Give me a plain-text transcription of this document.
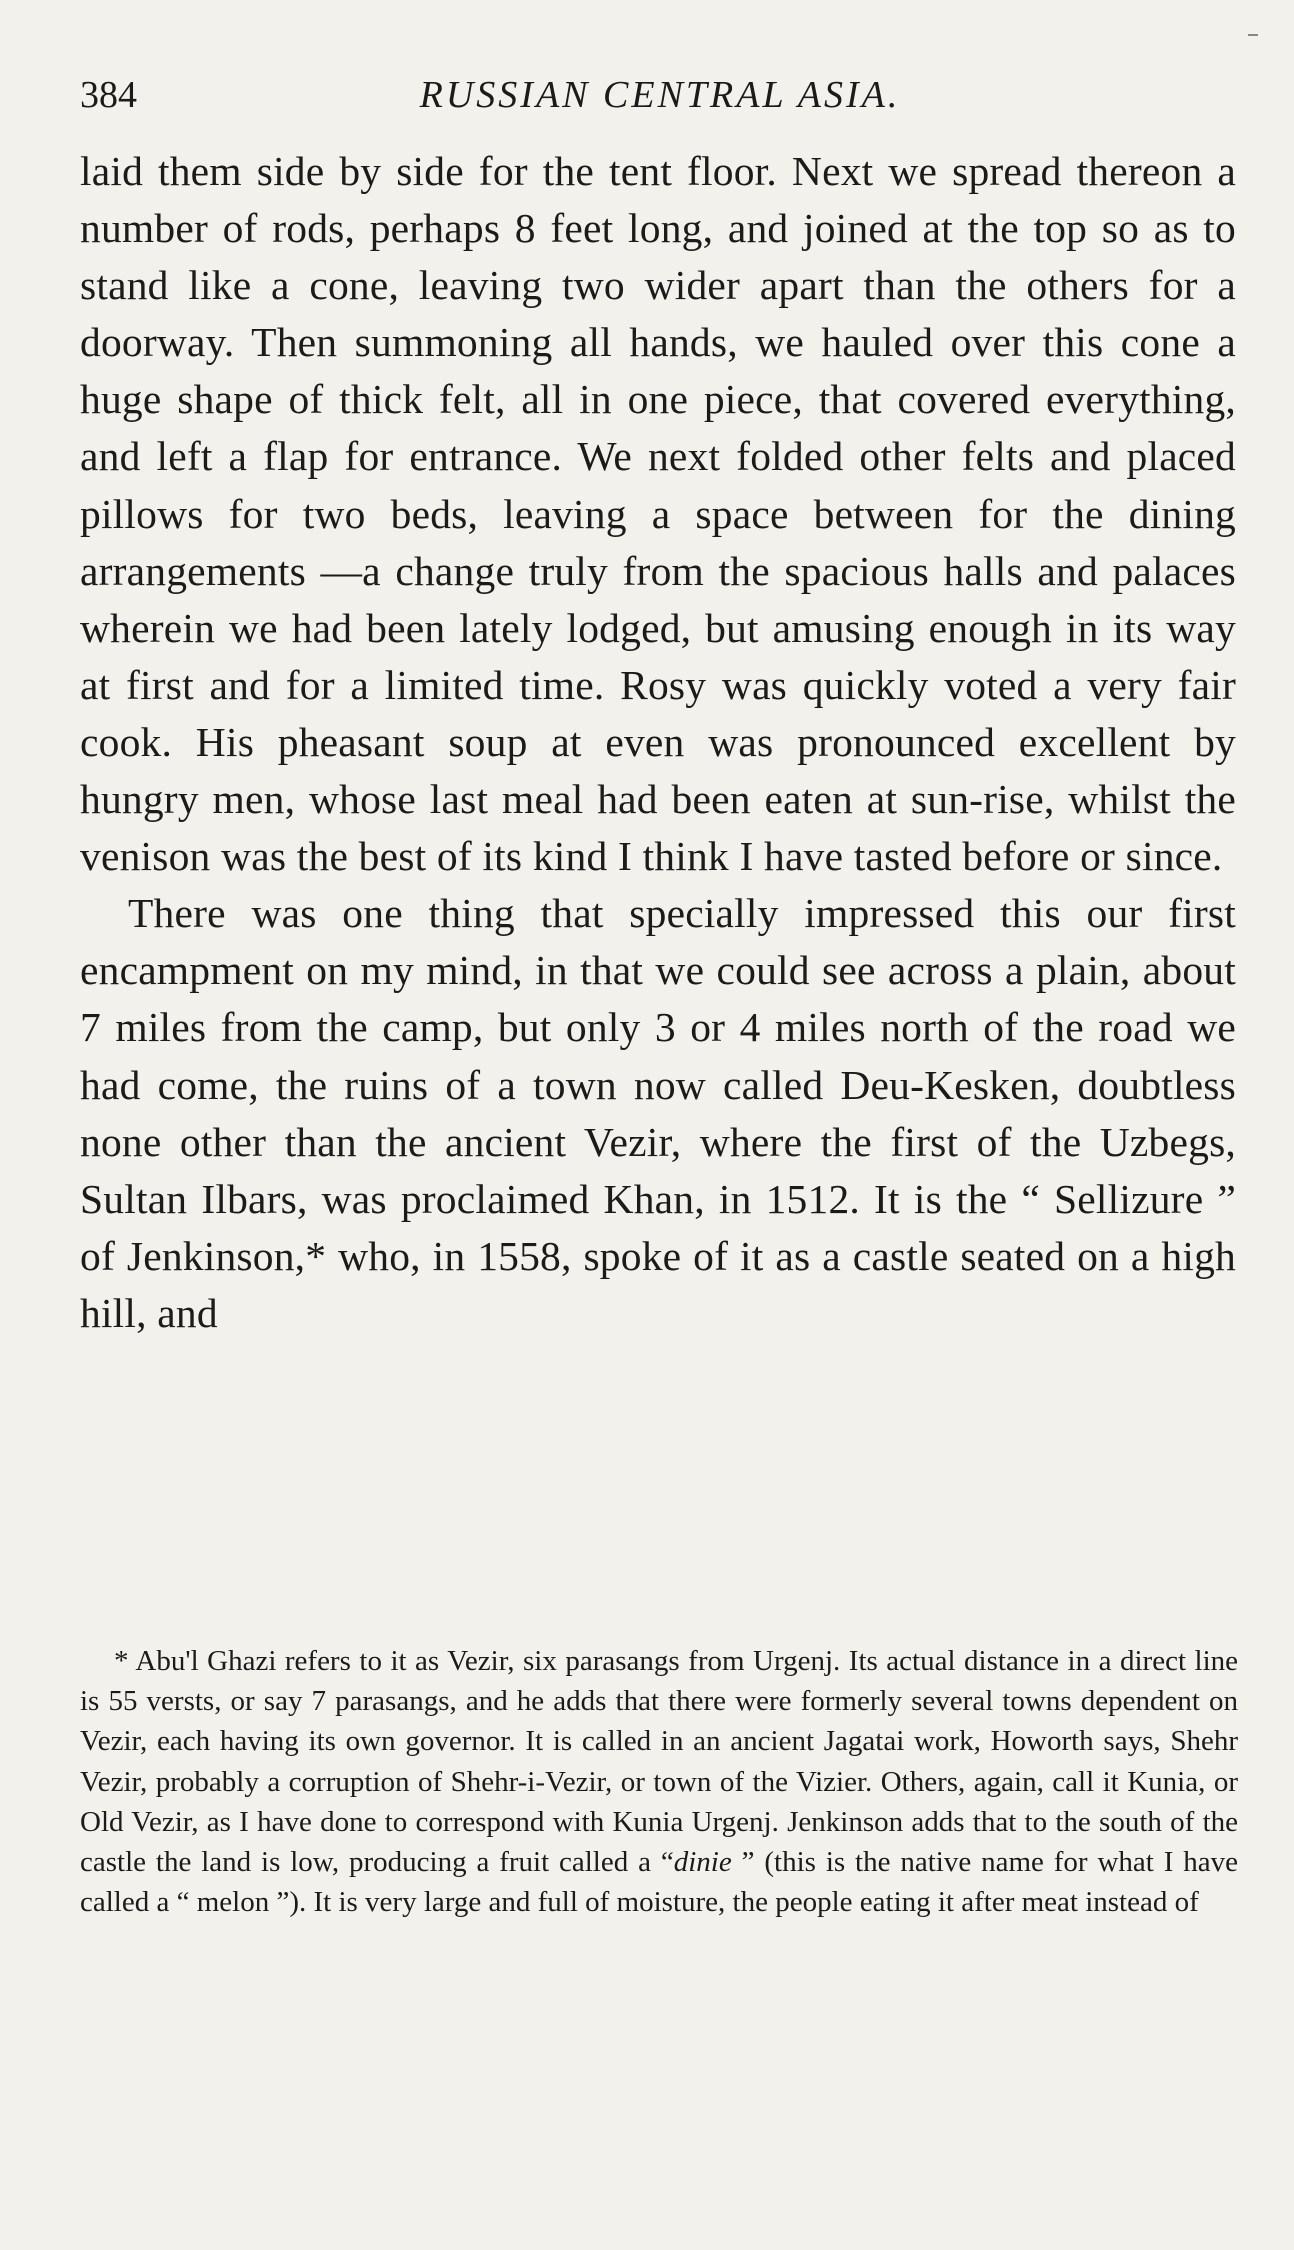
384	RUSSIAN CENTRAL ASIA.

laid them side by side for the tent floor. Next we spread thereon a number of rods, perhaps 8 feet long, and joined at the top so as to stand like a cone, leaving two wider apart than the others for a doorway. Then summoning all hands, we hauled over this cone a huge shape of thick felt, all in one piece, that covered everything, and left a flap for entrance. We next folded other felts and placed pillows for two beds, leaving a space between for the dining arrangements —a change truly from the spacious halls and palaces wherein we had been lately lodged, but amusing enough in its way at first and for a limited time. Rosy was quickly voted a very fair cook. His pheasant soup at even was pronounced excellent by hungry men, whose last meal had been eaten at sun-rise, whilst the venison was the best of its kind I think I have tasted before or since.

There was one thing that specially impressed this our first encampment on my mind, in that we could see across a plain, about 7 miles from the camp, but only 3 or 4 miles north of the road we had come, the ruins of a town now called Deu-Kesken, doubtless none other than the ancient Vezir, where the first of the Uzbegs, Sultan Ilbars, was proclaimed Khan, in 1512. It is the “ Sellizure ” of Jenkinson,* who, in 1558, spoke of it as a castle seated on a high hill, and

* Abu'l Ghazi refers to it as Vezir, six parasangs from Urgenj. Its actual distance in a direct line is 55 versts, or say 7 parasangs, and he adds that there were formerly several towns dependent on Vezir, each having its own governor. It is called in an ancient Jagatai work, Howorth says, Shehr Vezir, probably a corruption of Shehr-i-Vezir, or town of the Vizier. Others, again, call it Kunia, or Old Vezir, as I have done to correspond with Kunia Urgenj. Jenkinson adds that to the south of the castle the land is low, producing a fruit called a “dinie ” (this is the native name for what I have called a “ melon ”). It is very large and full of moisture, the people eating it after meat instead of
